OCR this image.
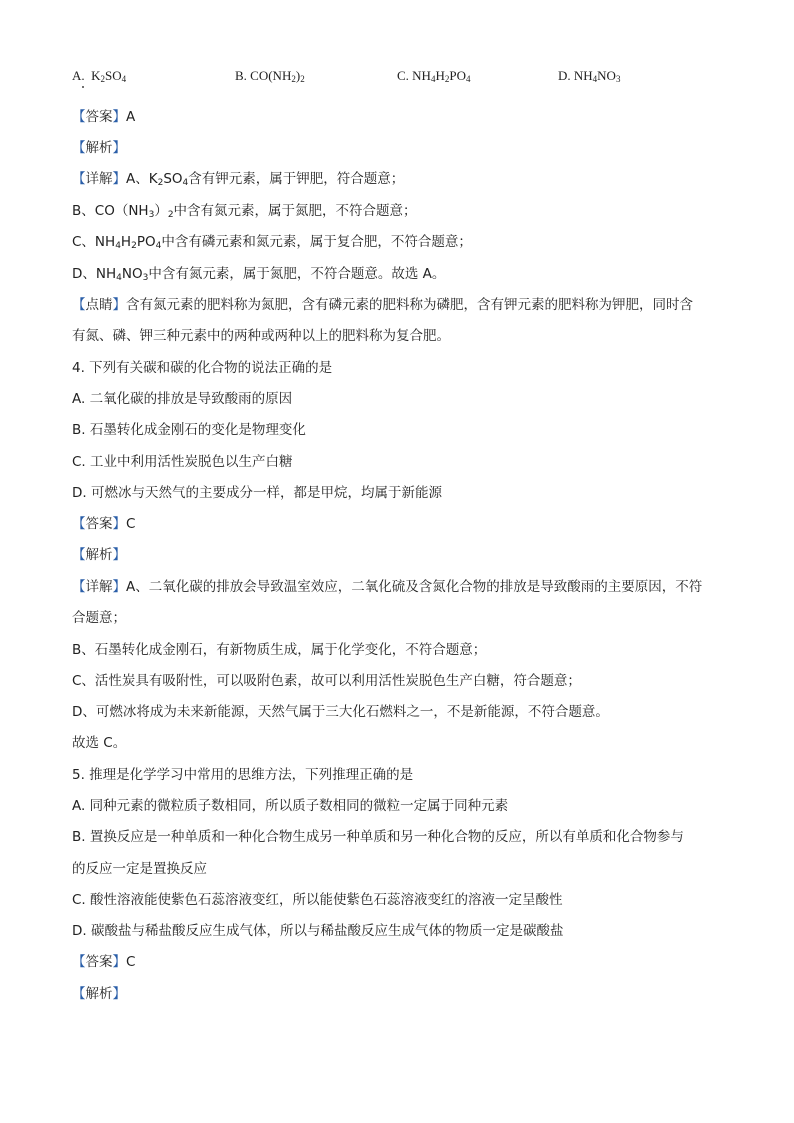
A. $K_2SO_4$	B. $CO(NH_2)_2$	C. $NH_4H_2PO_4$	D. $NH_4NO_3$
【答案】A
【解析】
【详解】A、$K_2SO_4$含有钾元素，属于钾肥，符合题意；
B、$CO(NH_3)_2$中含有氮元素，属于氮肥，不符合题意；
C、$NH_4H_2PO_4$中含有磷元素和氮元素，属于复合肥，不符合题意；
D、$NH_4NO_3$中含有氮元素，属于氮肥，不符合题意。故选 A。
【点睛】含有氮元素的肥料称为氮肥，含有磷元素的肥料称为磷肥，含有钾元素的肥料称为钾肥，同时含
有氮、磷、钾三种元素中的两种或两种以上的肥料称为复合肥。
4. 下列有关碳和碳的化合物的说法正确的是
A. 二氧化碳的排放是导致酸雨的原因
B. 石墨转化成金刚石的变化是物理变化
C. 工业中利用活性炭脱色以生产白糖
D. 可燃冰与天然气的主要成分一样，都是甲烷，均属于新能源
【答案】C
【解析】
【详解】A、二氧化碳的排放会导致温室效应，二氧化硫及含氮化合物的排放是导致酸雨的主要原因，不符
合题意；
B、石墨转化成金刚石，有新物质生成，属于化学变化，不符合题意；
C、活性炭具有吸附性，可以吸附色素，故可以利用活性炭脱色生产白糖，符合题意；
D、可燃冰将成为未来新能源，天然气属于三大化石燃料之一，不是新能源，不符合题意。
故选 C。
5. 推理是化学学习中常用的思维方法，下列推理正确的是
A. 同种元素的微粒质子数相同，所以质子数相同的微粒一定属于同种元素
B. 置换反应是一种单质和一种化合物生成另一种单质和另一种化合物的反应，所以有单质和化合物参与
的反应一定是置换反应
C. 酸性溶液能使紫色石蕊溶液变红，所以能使紫色石蕊溶液变红的溶液一定呈酸性
D. 碳酸盐与稀盐酸反应生成气体，所以与稀盐酸反应生成气体的物质一定是碳酸盐
【答案】C
【解析】
